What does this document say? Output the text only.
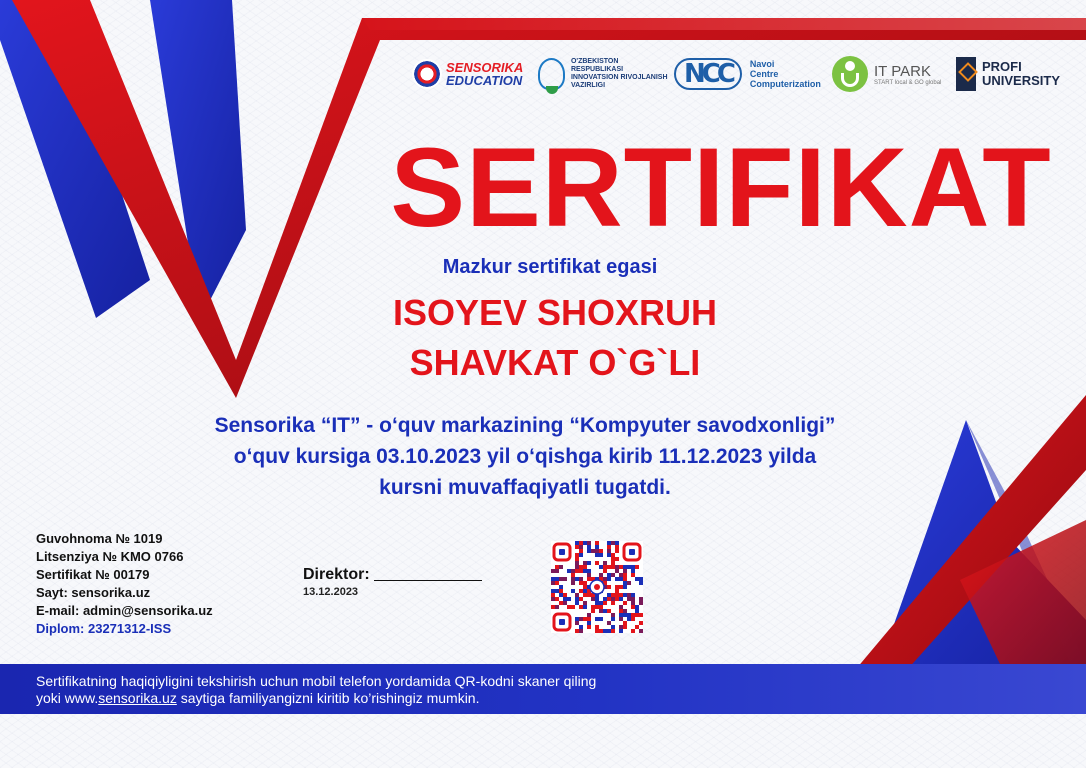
SENSORIKA
EDUCATION
O'ZBEKISTON RESPUBLIKASI
INNOVATSION RIVOJLANISH
VAZIRLIGI	NCC	Navoi
Centre
Computerization
IT PARK
START local & GO global
PROFI
UNIVERSITY
SERTIFIKAT
Mazkur sertifikat egasi
ISOYEV SHOXRUH
SHAVKAT O`G`LI

Sensorika “IT” - o‘quv markazining “Kompyuter savodxonligi”

o‘quv kursiga 03.10.2023 yil o‘qishga kirib 11.12.2023 yilda

kursni muvaffaqiyatli tugatdi.

Guvohnoma № 1019
Litsenziya № KMO 0766
Sertifikat № 00179
Sayt: sensorika.uz
E-mail: admin@sensorika.uz
Diplom: 23271312-ISS
Direktor:
13.12.2023

Sertifikatning haqiqiyligini tekshirish uchun mobil telefon yordamida QR-kodni skaner qiling

yoki www.sensorika.uz saytiga familiyangizni kiritib ko’rishingiz mumkin.
